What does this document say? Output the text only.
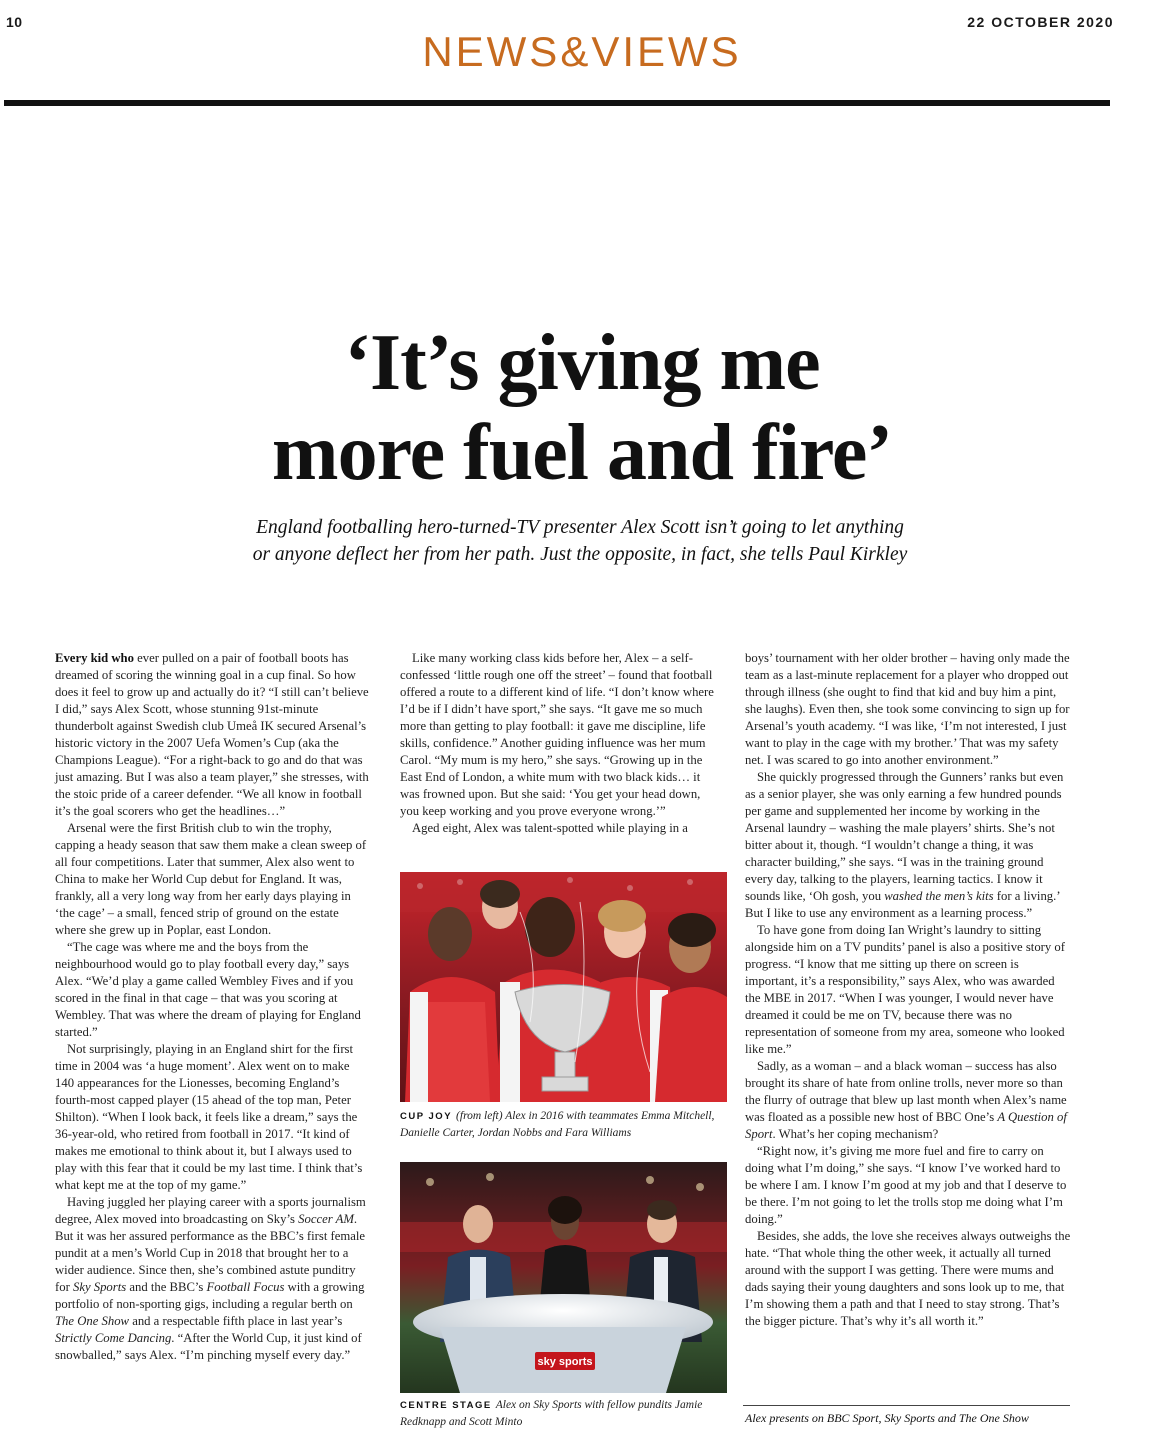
10	22 OCTOBER 2020
NEWS&VIEWS
‘It’s giving me
more fuel and fire’
England footballing hero-turned-TV presenter Alex Scott isn’t going to let anything
or anyone deflect her from her path. Just the opposite, in fact, she tells Paul Kirkley

Every kid who ever pulled on a pair of football boots has dreamed of scoring the winning goal in a cup final. So how does it feel to grow up and actually do it? “I still can’t believe I did,” says Alex Scott, whose stunning 91st-minute thunderbolt against Swedish club Umeå IK secured Arsenal’s historic victory in the 2007 Uefa Women’s Cup (aka the Champions League). “For a right-back to go and do that was just amazing. But I was also a team player,” she stresses, with the stoic pride of a career defender. “We all know in football it’s the goal scorers who get the headlines…”

Arsenal were the first British club to win the trophy, capping a heady season that saw them make a clean sweep of all four competitions. Later that summer, Alex also went to China to make her World Cup debut for England. It was, frankly, all a very long way from her early days playing in ‘the cage’ – a small, fenced strip of ground on the estate where she grew up in Poplar, east London.

“The cage was where me and the boys from the neighbourhood would go to play football every day,” says Alex. “We’d play a game called Wembley Fives and if you scored in the final in that cage – that was you scoring at Wembley. That was where the dream of playing for England started.”

Not surprisingly, playing in an England shirt for the first time in 2004 was ‘a huge moment’. Alex went on to make 140 appearances for the Lionesses, becoming England’s fourth-most capped player (15 ahead of the top man, Peter Shilton). “When I look back, it feels like a dream,” says the 36-year-old, who retired from football in 2017. “It kind of makes me emotional to think about it, but I always used to play with this fear that it could be my last time. I think that’s what kept me at the top of my game.”

Having juggled her playing career with a sports journalism degree, Alex moved into broadcasting on Sky’s Soccer AM. But it was her assured performance as the BBC’s first female pundit at a men’s World Cup in 2018 that brought her to a wider audience. Since then, she’s combined astute punditry for Sky Sports and the BBC’s Football Focus with a growing portfolio of non-sporting gigs, including a regular berth on The One Show and a respectable fifth place in last year’s Strictly Come Dancing. “After the World Cup, it just kind of snowballed,” says Alex. “I’m pinching myself every day.”

Like many working class kids before her, Alex – a self-confessed ‘little rough one off the street’ – found that football offered a route to a different kind of life. “I don’t know where I’d be if I didn’t have sport,” she says. “It gave me so much more than getting to play football: it gave me discipline, life skills, confidence.” Another guiding influence was her mum Carol. “My mum is my hero,” she says. “Growing up in the East End of London, a white mum with two black kids… it was frowned upon. But she said: ‘You get your head down, you keep working and you prove everyone wrong.’”

Aged eight, Alex was talent-spotted while playing in a

CUP JOY (from left) Alex in 2016 with teammates Emma Mitchell, Danielle Carter, Jordan Nobbs and Fara Williams
sky sports
CENTRE STAGE Alex on Sky Sports with fellow pundits Jamie Redknapp and Scott Minto

boys’ tournament with her older brother – having only made the team as a last-minute replacement for a player who dropped out through illness (she ought to find that kid and buy him a pint, she laughs). Even then, she took some convincing to sign up for Arsenal’s youth academy. “I was like, ‘I’m not interested, I just want to play in the cage with my brother.’ That was my safety net. I was scared to go into another environment.”

She quickly progressed through the Gunners’ ranks but even as a senior player, she was only earning a few hundred pounds per game and supplemented her income by working in the Arsenal laundry – washing the male players’ shirts. She’s not bitter about it, though. “I wouldn’t change a thing, it was character building,” she says. “I was in the training ground every day, talking to the players, learning tactics. I know it sounds like, ‘Oh gosh, you washed the men’s kits for a living.’ But I like to use any environment as a learning process.”

To have gone from doing Ian Wright’s laundry to sitting alongside him on a TV pundits’ panel is also a positive story of progress. “I know that me sitting up there on screen is important, it’s a responsibility,” says Alex, who was awarded the MBE in 2017. “When I was younger, I would never have dreamed it could be me on TV, because there was no representation of someone from my area, someone who looked like me.”

Sadly, as a woman – and a black woman – success has also brought its share of hate from online trolls, never more so than the flurry of outrage that blew up last month when Alex’s name was floated as a possible new host of BBC One’s A Question of Sport. What’s her coping mechanism?

“Right now, it’s giving me more fuel and fire to carry on doing what I’m doing,” she says. “I know I’ve worked hard to be where I am. I know I’m good at my job and that I deserve to be there. I’m not going to let the trolls stop me doing what I’m doing.”

Besides, she adds, the love she receives always outweighs the hate. “That whole thing the other week, it actually all turned around with the support I was getting. There were mums and dads saying their young daughters and sons look up to me, that I’m showing them a path and that I need to stay strong. That’s the bigger picture. That’s why it’s all worth it.”

Alex presents on BBC Sport, Sky Sports and The One Show
